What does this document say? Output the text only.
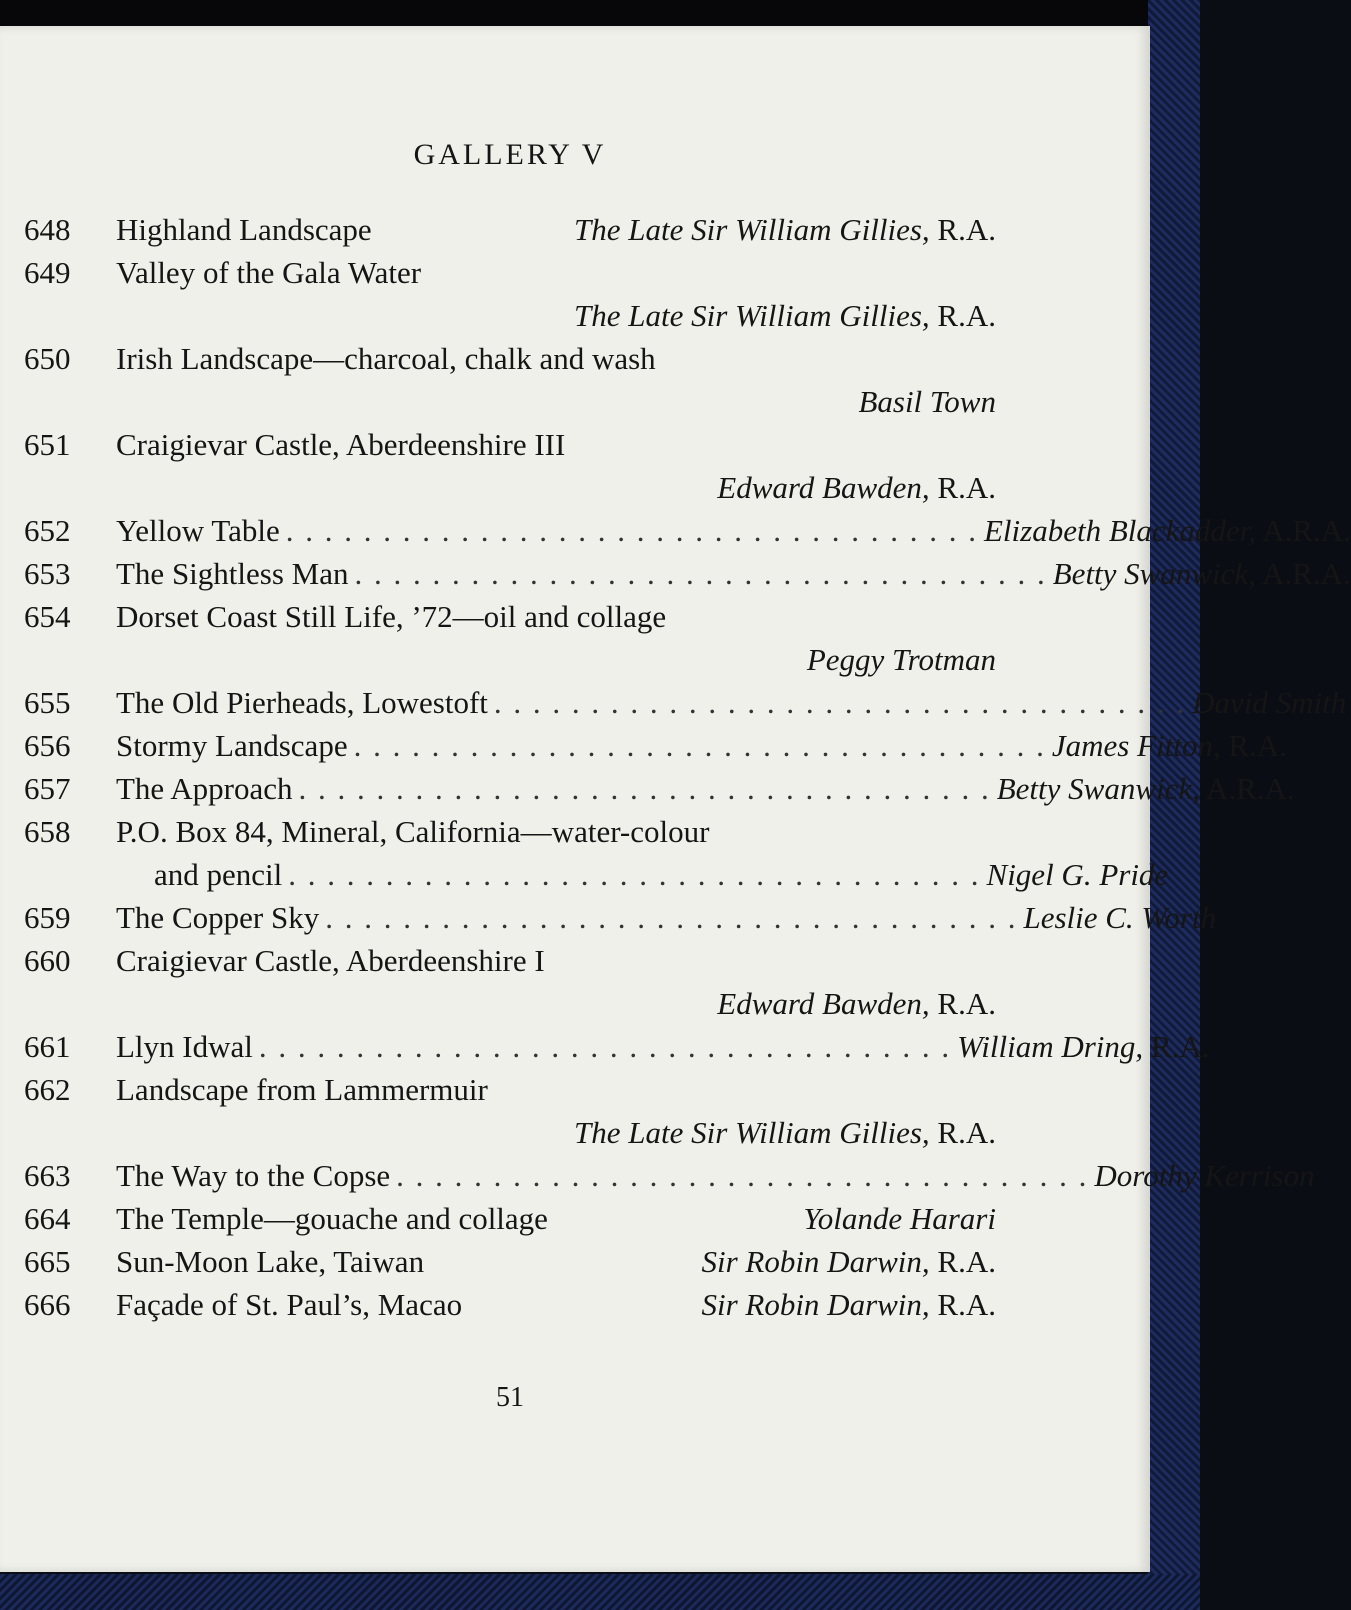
GALLERY V
648	Highland Landscape	The Late Sir William Gillies, R.A.
649	Valley of the Gala Water
The Late Sir William Gillies, R.A.
650	Irish Landscape—charcoal, chalk and wash
Basil Town
651	Craigievar Castle, Aberdeenshire III
Edward Bawden, R.A.
652	Yellow Table . . . . . . . . . . . . . . . . . . . . . . . . . . . . . . . . . . . . Elizabeth Blackadder, A.R.A.
653	The Sightless Man . . . . . . . . . . . . . . . . . . . . . . . . . . . . . . . . . . . . Betty Swanwick, A.R.A.
654	Dorset Coast Still Life, ’72—oil and collage
Peggy Trotman
655	The Old Pierheads, Lowestoft . . . . . . . . . . . . . . . . . . . . . . . . . . . . . . . . . . . . David Smith
656	Stormy Landscape . . . . . . . . . . . . . . . . . . . . . . . . . . . . . . . . . . . . James Fitton, R.A.
657	The Approach . . . . . . . . . . . . . . . . . . . . . . . . . . . . . . . . . . . . Betty Swanwick, A.R.A.
658	P.O. Box 84, Mineral, California—water-colour
and pencil . . . . . . . . . . . . . . . . . . . . . . . . . . . . . . . . . . . . Nigel G. Pride
659	The Copper Sky . . . . . . . . . . . . . . . . . . . . . . . . . . . . . . . . . . . . Leslie C. Worth
660	Craigievar Castle, Aberdeenshire I
Edward Bawden, R.A.
661	Llyn Idwal . . . . . . . . . . . . . . . . . . . . . . . . . . . . . . . . . . . . William Dring, R.A.
662	Landscape from Lammermuir
The Late Sir William Gillies, R.A.
663	The Way to the Copse . . . . . . . . . . . . . . . . . . . . . . . . . . . . . . . . . . . . Dorothy Kerrison
664	The Temple—gouache and collage	Yolande Harari
665	Sun-Moon Lake, Taiwan	Sir Robin Darwin, R.A.
666	Façade of St. Paul’s, Macao	Sir Robin Darwin, R.A.
51
